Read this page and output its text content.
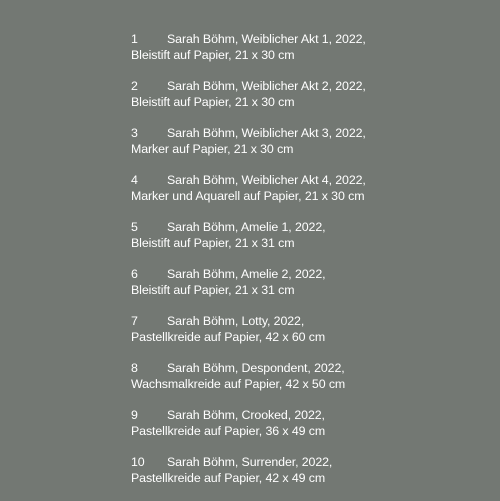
1	Sarah Böhm, Weiblicher Akt 1, 2022,
Bleistift auf Papier, 21 x 30 cm
2	Sarah Böhm, Weiblicher Akt 2, 2022,
Bleistift auf Papier, 21 x 30 cm
3	Sarah Böhm, Weiblicher Akt 3, 2022,
Marker auf Papier, 21 x 30 cm
4	Sarah Böhm, Weiblicher Akt 4, 2022,
Marker und Aquarell auf Papier, 21 x 30 cm
5	Sarah Böhm, Amelie 1, 2022,
Bleistift auf Papier, 21 x 31 cm
6	Sarah Böhm, Amelie 2, 2022,
Bleistift auf Papier, 21 x 31 cm
7	Sarah Böhm, Lotty, 2022,
Pastellkreide auf Papier, 42 x 60 cm
8	Sarah Böhm, Despondent, 2022,
Wachsmalkreide auf Papier, 42 x 50 cm
9	Sarah Böhm, Crooked, 2022,
Pastellkreide auf Papier, 36 x 49 cm
10	Sarah Böhm, Surrender, 2022,
Pastellkreide auf Papier, 42 x 49 cm
